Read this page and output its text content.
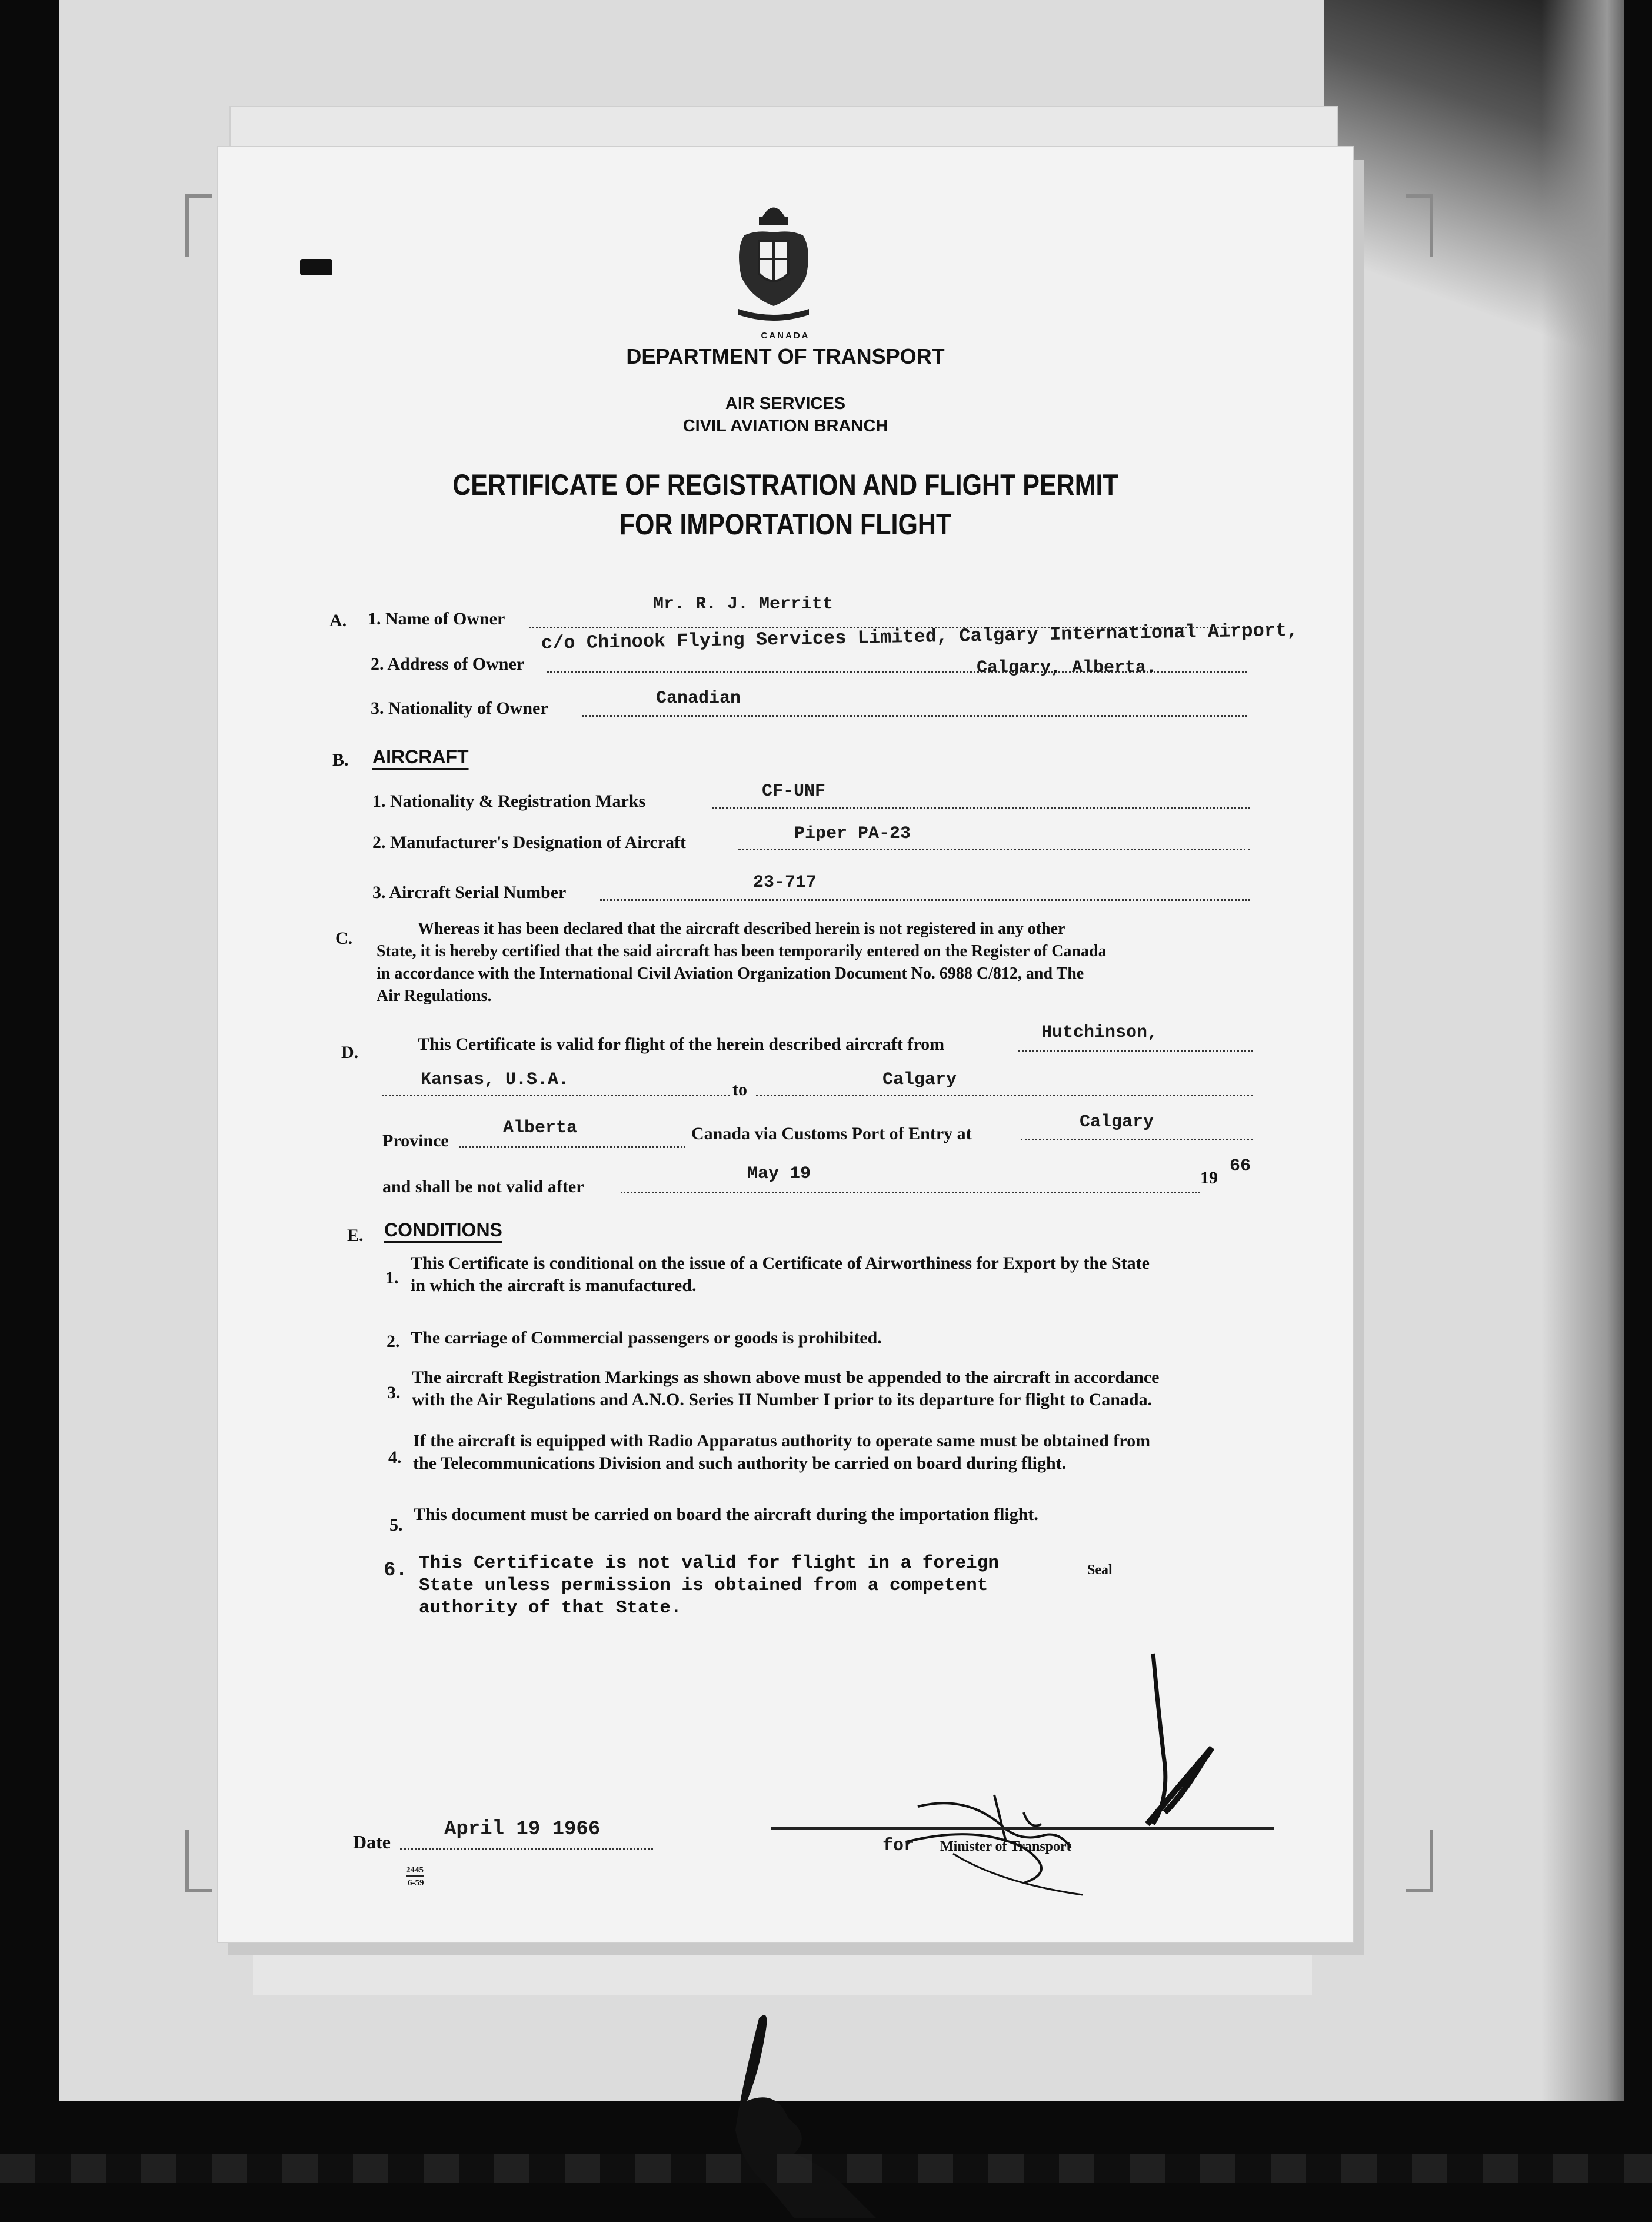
CANADA
DEPARTMENT OF TRANSPORT
AIR SERVICES
CIVIL AVIATION BRANCH
CERTIFICATE OF REGISTRATION AND FLIGHT PERMIT
FOR IMPORTATION FLIGHT
A. 1. Name of Owner
Mr. R. J. Merritt
2. Address of Owner
c/o Chinook Flying Services Limited, Calgary International Airport,
Calgary, Alberta.
3. Nationality of Owner	Canadian
B. AIRCRAFT
1. Nationality & Registration Marks	CF-UNF
2. Manufacturer's Designation of Aircraft	Piper PA-23
3. Aircraft Serial Number	23-717
C.	Whereas it has been declared that the aircraft described herein is not registered in any other
State, it is hereby certified that the said aircraft has been temporarily entered on the Register of Canada
in accordance with the International Civil Aviation Organization Document No. 6988 C/812, and The
Air Regulations.
D.	This Certificate is valid for flight of the herein described aircraft from
Hutchinson,
Kansas, U.S.A.	to	Calgary
Province
Alberta	Canada via Customs Port of Entry at
Calgary
and shall be not valid after
May 19	19
66
E. CONDITIONS
1.
This Certificate is conditional on the issue of a Certificate of Airworthiness for Export by the State
in which the aircraft is manufactured.
2. The carriage of Commercial passengers or goods is prohibited.
3.
The aircraft Registration Markings as shown above must be appended to the aircraft in accordance
with the Air Regulations and A.N.O. Series II Number I prior to its departure for flight to Canada.
4.
If the aircraft is equipped with Radio Apparatus authority to operate same must be obtained from
the Telecommunications Division and such authority be carried on board during flight.
5.
This document must be carried on board the aircraft during the importation flight.
6. This Certificate is not valid for flight in a foreign
State unless permission is obtained from a competent
authority of that State.
Seal
Date
April 19 1966
for Minister of Transport
2445
6-59
